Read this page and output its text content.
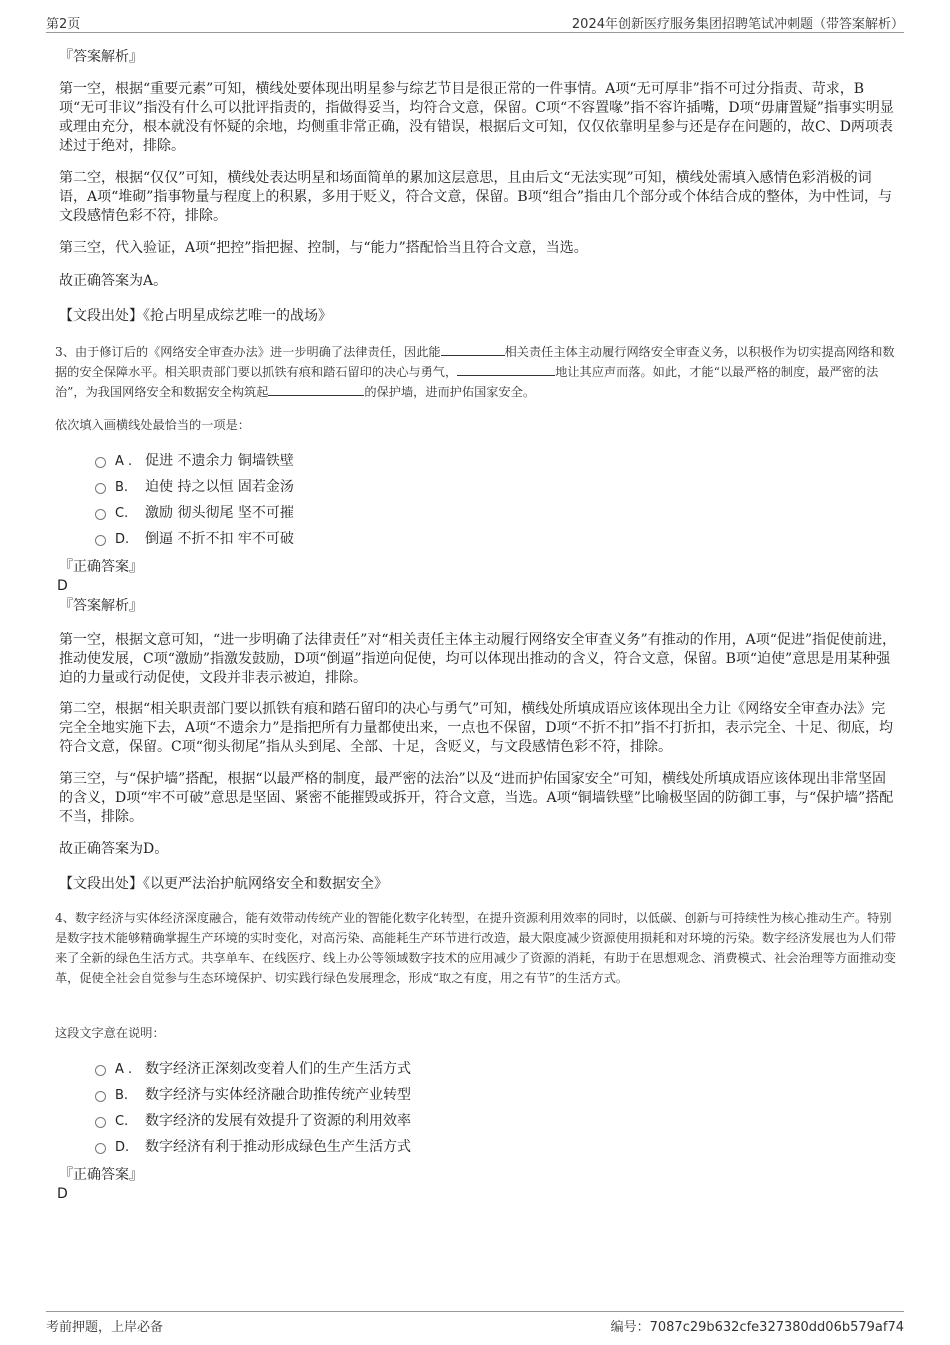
第2页	2024年创新医疗服务集团招聘笔试冲刺题（带答案解析）
『答案解析』

第一空，根据“重要元素”可知，横线处要体现出明星参与综艺节目是很正常的一件事情。A项“无可厚非”指不可过分指责、苛求，B项“无可非议”指没有什么可以批评指责的，指做得妥当，均符合文意，保留。C项“不容置喙”指不容许插嘴，D项“毋庸置疑”指事实明显或理由充分，根本就没有怀疑的余地，均侧重非常正确，没有错误，根据后文可知，仅仅依靠明星参与还是存在问题的，故C、D两项表述过于绝对，排除。

第二空，根据“仅仅”可知，横线处表达明星和场面简单的累加这层意思，且由后文“无法实现”可知，横线处需填入感情色彩消极的词语，A项“堆砌”指事物量与程度上的积累，多用于贬义，符合文意，保留。B项“组合”指由几个部分或个体结合成的整体，为中性词，与文段感情色彩不符，排除。

第三空，代入验证，A项“把控”指把握、控制，与“能力”搭配恰当且符合文意，当选。

故正确答案为A。

【文段出处】《抢占明星成综艺唯一的战场》

3、由于修订后的《网络安全审查办法》进一步明确了法律责任，因此能	相关责任主体主动履行网络安全审查义务，以积极作为切实提高网络和数据的安全保障水平。相关职责部门要以抓铁有痕和踏石留印的决心与勇气，	地让其应声而落。如此，才能“以最严格的制度，最严密的法治”，为我国网络安全和数据安全构筑起	的保护墙，进而护佑国家安全。

依次填入画横线处最恰当的一项是：

A . 促进 不遗余力 铜墙铁壁
B. 迫使 持之以恒 固若金汤
C. 激励 彻头彻尾 坚不可摧
D. 倒逼 不折不扣 牢不可破
『正确答案』
D
『答案解析』

第一空，根据文意可知，“进一步明确了法律责任”对“相关责任主体主动履行网络安全审查义务”有推动的作用，A项“促进”指促使前进，推动使发展，C项“激励”指激发鼓励，D项“倒逼”指逆向促使，均可以体现出推动的含义，符合文意，保留。B项“迫使”意思是用某种强迫的力量或行动促使，文段并非表示被迫，排除。

第二空，根据“相关职责部门要以抓铁有痕和踏石留印的决心与勇气”可知，横线处所填成语应该体现出全力让《网络安全审查办法》完完全全地实施下去，A项“不遗余力”是指把所有力量都使出来，一点也不保留，D项“不折不扣”指不打折扣，表示完全、十足、彻底，均符合文意，保留。C项“彻头彻尾”指从头到尾、全部、十足，含贬义，与文段感情色彩不符，排除。

第三空，与“保护墙”搭配，根据“以最严格的制度，最严密的法治”以及“进而护佑国家安全”可知，横线处所填成语应该体现出非常坚固的含义，D项“牢不可破”意思是坚固、紧密不能摧毁或拆开，符合文意，当选。A项“铜墙铁壁”比喻极坚固的防御工事，与“保护墙”搭配不当，排除。

故正确答案为D。

【文段出处】《以更严法治护航网络安全和数据安全》

4、数字经济与实体经济深度融合，能有效带动传统产业的智能化数字化转型，在提升资源利用效率的同时，以低碳、创新与可持续性为核心推动生产。特别是数字技术能够精确掌握生产环境的实时变化，对高污染、高能耗生产环节进行改造，最大限度减少资源使用损耗和对环境的污染。数字经济发展也为人们带来了全新的绿色生活方式。共享单车、在线医疗、线上办公等领域数字技术的应用减少了资源的消耗，有助于在思想观念、消费模式、社会治理等方面推动变革，促使全社会自觉参与生态环境保护、切实践行绿色发展理念，形成“取之有度，用之有节”的生活方式。

这段文字意在说明：

A . 数字经济正深刻改变着人们的生产生活方式
B. 数字经济与实体经济融合助推传统产业转型
C. 数字经济的发展有效提升了资源的利用效率
D. 数字经济有利于推动形成绿色生产生活方式
『正确答案』
D
考前押题，上岸必备	编号：7087c29b632cfe327380dd06b579af74
